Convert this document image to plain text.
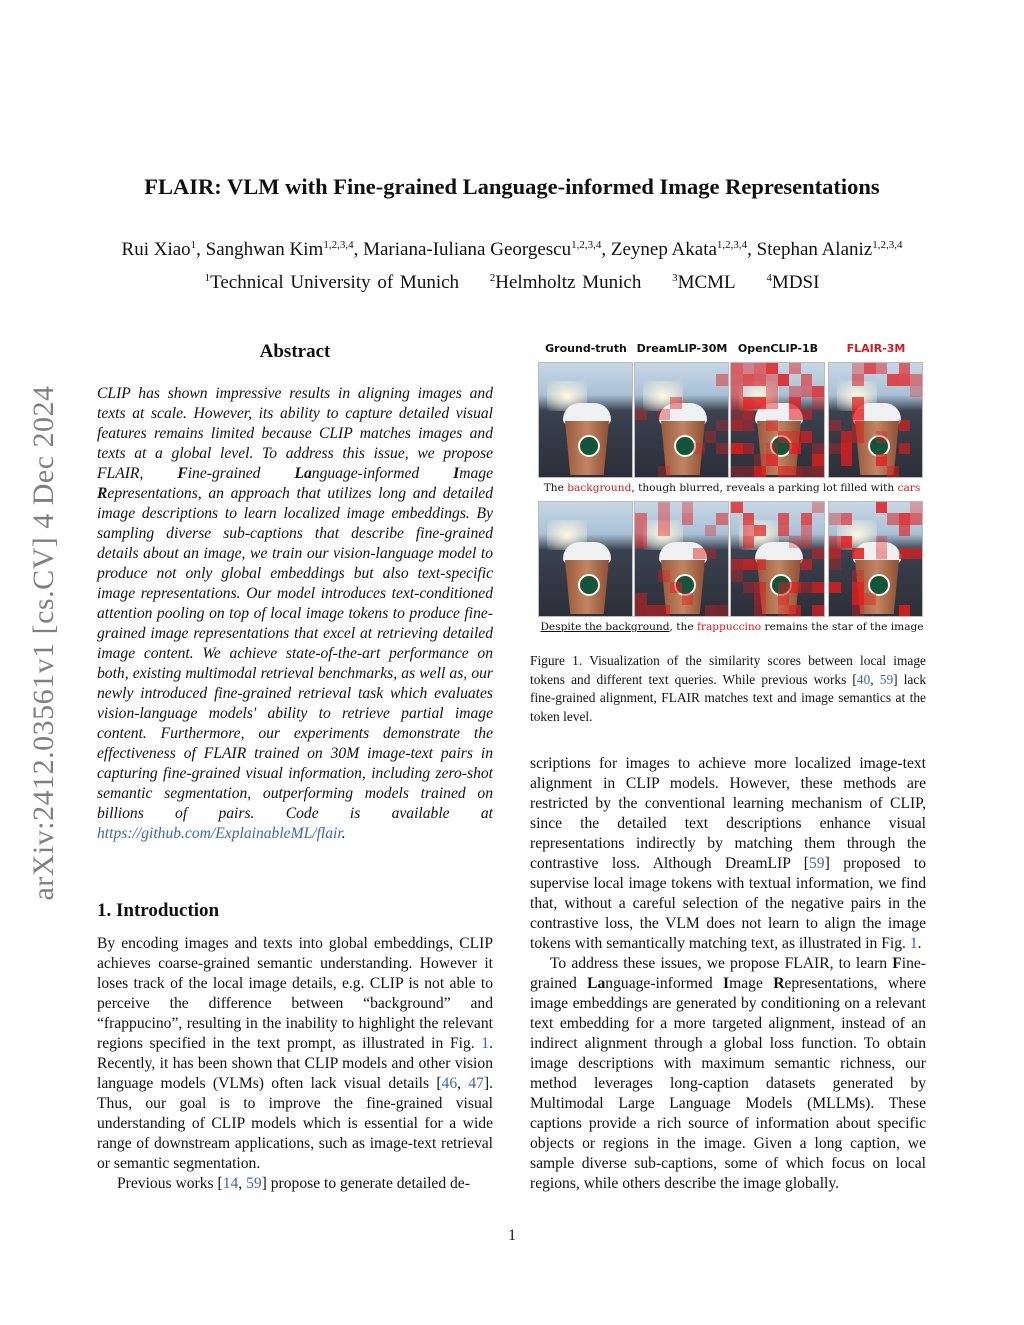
arXiv:2412.03561v1 [cs.CV] 4 Dec 2024
FLAIR: VLM with Fine-grained Language-informed Image Representations
Rui Xiao$^1$, Sanghwan Kim$^{1,2,3,4}$, Mariana-Iuliana Georgescu$^{1,2,3,4}$, Zeynep Akata$^{1,2,3,4}$, Stephan Alaniz$^{1,2,3,4}$
$^1$Technical University of Munich	$^2$Helmholtz Munich	$^3$MCML	$^4$MDSI
Abstract
CLIP has shown impressive results in aligning images and texts at scale. However, its ability to capture detailed visual features remains limited because CLIP matches images and texts at a global level. To address this issue, we propose FLAIR, Fine-grained Language-informed Image Representations, an approach that utilizes long and detailed image descriptions to learn localized image embeddings. By sampling diverse sub-captions that describe fine-grained details about an image, we train our vision-language model to produce not only global embeddings but also text-specific image representations. Our model introduces text-conditioned attention pooling on top of local image tokens to produce fine-grained image representations that excel at retrieving detailed image content. We achieve state-of-the-art performance on both, existing multimodal retrieval benchmarks, as well as, our newly introduced fine-grained retrieval task which evaluates vision-language models' ability to retrieve partial image content. Furthermore, our experiments demonstrate the effectiveness of FLAIR trained on 30M image-text pairs in capturing fine-grained visual information, including zero-shot semantic segmentation, outperforming models trained on billions of pairs. Code is available at https://github.com/ExplainableML/flair.
1. Introduction
By encoding images and texts into global embeddings, CLIP achieves coarse-grained semantic understanding. However it loses track of the local image details, e.g. CLIP is not able to perceive the difference between “background” and “frappucino”, resulting in the inability to highlight the relevant regions specified in the text prompt, as illustrated in Fig. 1. Recently, it has been shown that CLIP models and other vision language models (VLMs) often lack visual details [46, 47]. Thus, our goal is to improve the fine-grained visual understanding of CLIP models which is essential for a wide range of downstream applications, such as image-text retrieval or semantic segmentation.
Previous works [14, 59] propose to generate detailed de-
Ground-truth DreamLIP-30M OpenCLIP-1B	FLAIR-3M
The background, though blurred, reveals a parking lot filled with cars
Despite the background, the frappuccino remains the star of the image
Figure 1. Visualization of the similarity scores between local image tokens and different text queries. While previous works [40, 59] lack fine-grained alignment, FLAIR matches text and image semantics at the token level.
scriptions for images to achieve more localized image-text alignment in CLIP models. However, these methods are restricted by the conventional learning mechanism of CLIP, since the detailed text descriptions enhance visual representations indirectly by matching them through the contrastive loss. Although DreamLIP [59] proposed to supervise local image tokens with textual information, we find that, without a careful selection of the negative pairs in the contrastive loss, the VLM does not learn to align the image tokens with semantically matching text, as illustrated in Fig. 1.
To address these issues, we propose FLAIR, to learn Fine-grained Language-informed Image Representations, where image embeddings are generated by conditioning on a relevant text embedding for a more targeted alignment, instead of an indirect alignment through a global loss function. To obtain image descriptions with maximum semantic richness, our method leverages long-caption datasets generated by Multimodal Large Language Models (MLLMs). These captions provide a rich source of information about specific objects or regions in the image. Given a long caption, we sample diverse sub-captions, some of which focus on local regions, while others describe the image globally.
1
